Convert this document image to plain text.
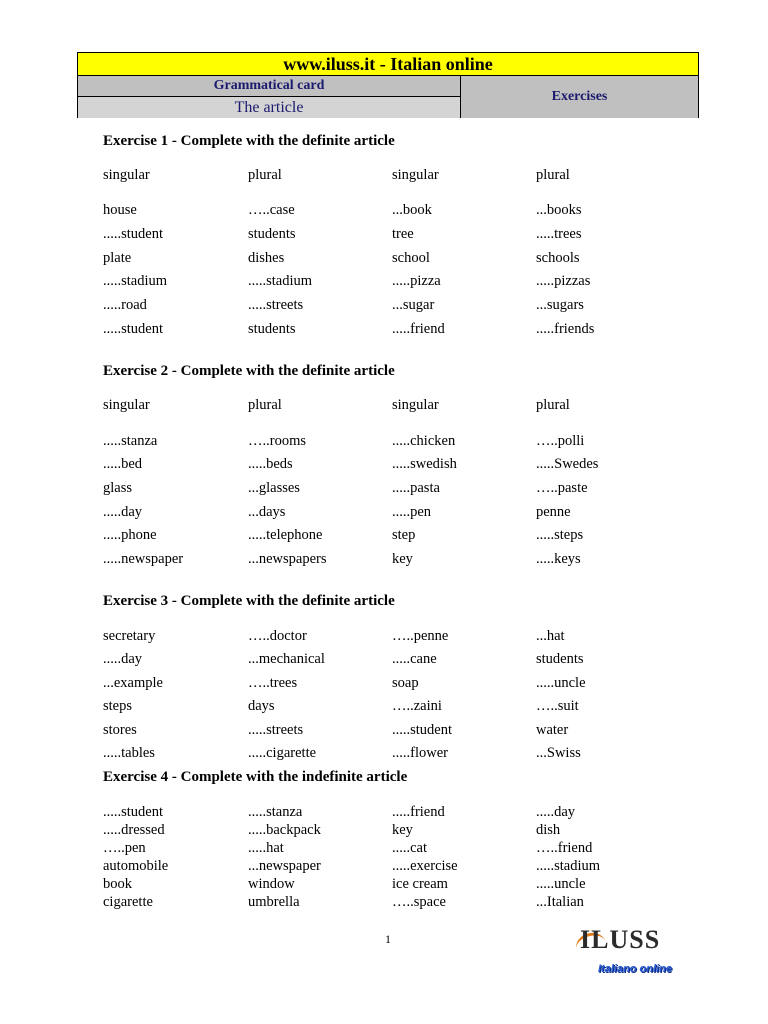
www.iluss.it - Italian online
Grammatical card
The article
Exercises
Exercise 1 - Complete with the definite article
singular	plural	singular	plural
house	…..case	...book	...books
.....student	students	tree	.....trees
plate	dishes	school	schools
.....stadium	.....stadium	.....pizza	.....pizzas
.....road	.....streets	...sugar	...sugars
.....student	students	.....friend	.....friends
Exercise 2 - Complete with the definite article
singular	plural	singular	plural
.....stanza	…..rooms	.....chicken	…..polli
.....bed	.....beds	.....swedish	.....Swedes
glass	...glasses	.....pasta	…..paste
.....day	...days	.....pen	penne
.....phone	.....telephone	step	.....steps
.....newspaper	...newspapers	key	.....keys
Exercise 3 - Complete with the definite article
secretary	…..doctor	…..penne	...hat
.....day	...mechanical	.....cane	students
...example	…..trees	soap	.....uncle
steps	days	…..zaini	…..suit
stores	.....streets	.....student	water
.....tables	.....cigarette	.....flower	...Swiss
Exercise 4 - Complete with the indefinite article
.....student	.....stanza	.....friend	.....day
.....dressed	.....backpack	key	dish
…..pen	.....hat	.....cat	…..friend
automobile	...newspaper	.....exercise	.....stadium
book	window	ice cream	.....uncle
cigarette	umbrella	…..space	...Italian
1	ILUSS
Italiano online
